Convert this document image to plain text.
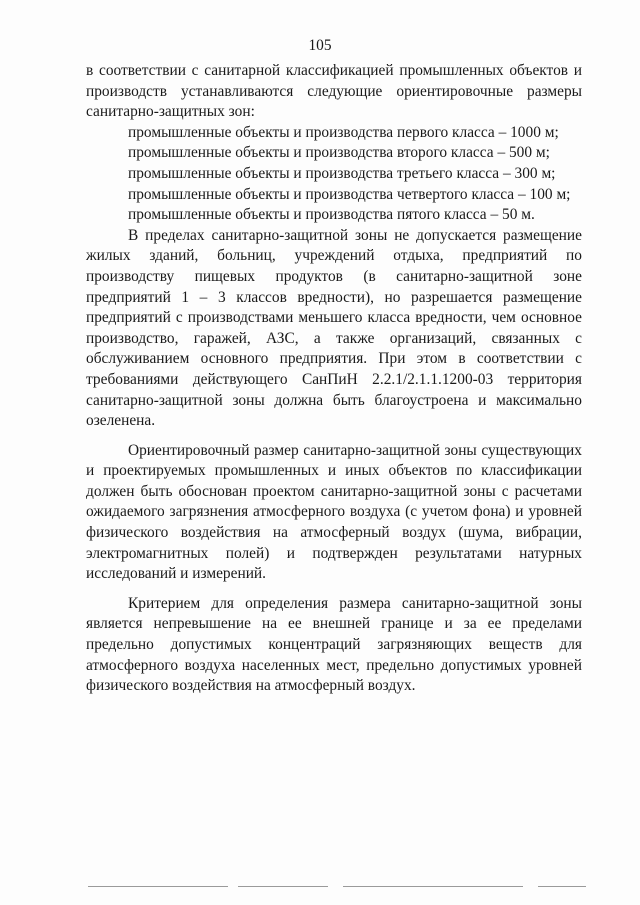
105

в соответствии с санитарной классификацией промышленных объектов и производств устанавливаются следующие ориентировочные размеры санитарно-защитных зон:

промышленные объекты и производства первого класса – 1000 м;

промышленные объекты и производства второго класса – 500 м;

промышленные объекты и производства третьего класса – 300 м;

промышленные объекты и производства четвертого класса – 100 м;

промышленные объекты и производства пятого класса – 50 м.

В пределах санитарно-защитной зоны не допускается размещение жилых зданий, больниц, учреждений отдыха, предприятий по производству пищевых продуктов (в санитарно-защитной зоне предприятий 1 – 3 классов вредности), но разрешается размещение предприятий с производствами меньшего класса вредности, чем основное производство, гаражей, АЗС, а также организаций, связанных с обслуживанием основного предприятия. При этом в соответствии с требованиями действующего СанПиН 2.2.1/2.1.1.1200-03 территория санитарно-защитной зоны должна быть благоустроена и максимально озеленена.

Ориентировочный размер санитарно-защитной зоны существующих и проектируемых промышленных и иных объектов по классификации должен быть обоснован проектом санитарно-защитной зоны с расчетами ожидаемого загрязнения атмосферного воздуха (с учетом фона) и уровней физического воздействия на атмосферный воздух (шума, вибрации, электромагнитных полей) и подтвержден результатами натурных исследований и измерений.

Критерием для определения размера санитарно-защитной зоны является непревышение на ее внешней границе и за ее пределами предельно допустимых концентраций загрязняющих веществ для атмосферного воздуха населенных мест, предельно допустимых уровней физического воздействия на атмосферный воздух.
